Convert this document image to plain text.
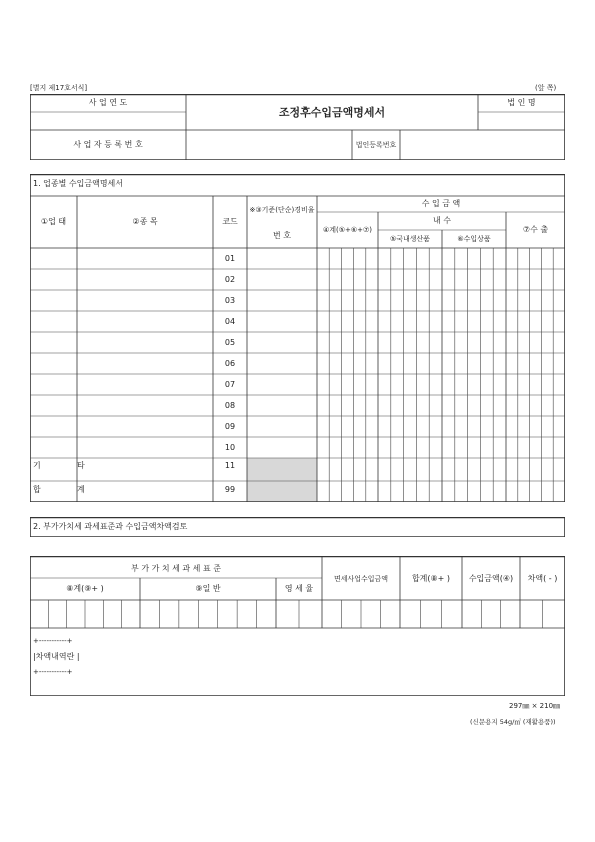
[별지 제17호서식]	(앞 쪽)
사 업 연 도
조정후수입금액명세서
법 인 명
사 업 자 등 록 번 호	법인등록번호
1. 업종별 수입금액명세서
①업 태	②종 목	코드
※③기준(단순)경비율
번 호
수 입 금 액
④계(⑤+⑥+⑦)
내 수
⑤국내생산품	⑥수입상품
⑦수 출
01
02
03
04
05
06
07
08
09
10
기	타	11
합	계	99
2. 부가가치세 과세표준과 수입금액차액검토
부 가 가 치 세 과 세 표 준
⑧계(⑨+ )	⑨일 반	영 세 율
면세사업수입금액	합계(⑧+ )	수입금액(④)	차액( - )
+-----------+
|차액내역란 |
+-----------+
297㎜ × 210㎜
(신문용지 54g/㎡ (재활용품))
